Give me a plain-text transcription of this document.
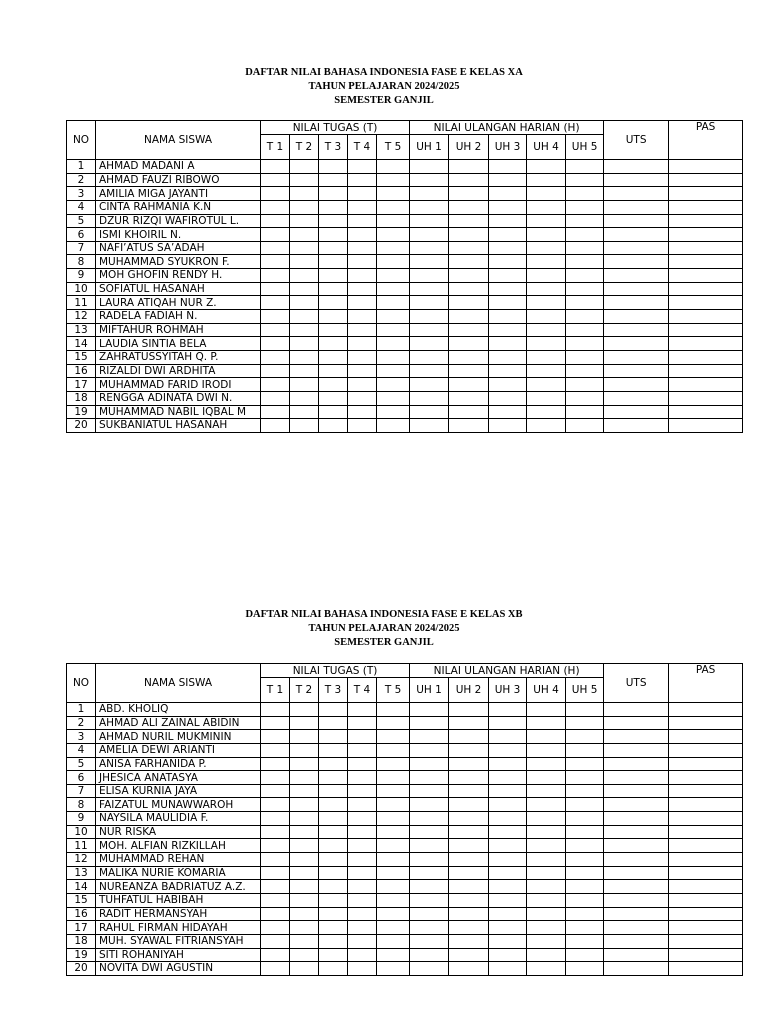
DAFTAR NILAI BAHASA INDONESIA FASE E KELAS XA
TAHUN PELAJARAN 2024/2025
SEMESTER GANJIL
NO	NAMA SISWA	NILAI TUGAS (T)					NILAI ULANGAN HARIAN (H)					UTS	PAS
		T 1	T 2	T 3	T 4	T 5	UH 1	UH 2	UH 3	UH 4	UH 5		
1	AHMAD MADANI A												
2	AHMAD FAUZI RIBOWO												
3	AMILIA MIGA JAYANTI												
4	CINTA RAHMANIA K.N												
5	DZUR RIZQI WAFIROTUL L.												
6	ISMI KHOIRIL N.												
7	NAFI’ATUS SA’ADAH												
8	MUHAMMAD SYUKRON F.												
9	MOH GHOFIN RENDY H.												
10	SOFIATUL HASANAH												
11	LAURA ATIQAH NUR Z.												
12	RADELA FADIAH N.												
13	MIFTAHUR ROHMAH												
14	LAUDIA SINTIA BELA												
15	ZAHRATUSSYITAH Q. P.												
16	RIZALDI DWI ARDHITA												
17	MUHAMMAD FARID IRODI												
18	RENGGA ADINATA DWI N.												
19	MUHAMMAD NABIL IQBAL M												
20	SUKBANIATUL HASANAH												
DAFTAR NILAI BAHASA INDONESIA FASE E KELAS XB
TAHUN PELAJARAN 2024/2025
SEMESTER GANJIL
NO	NAMA SISWA	NILAI TUGAS (T)					NILAI ULANGAN HARIAN (H)					UTS	PAS
		T 1	T 2	T 3	T 4	T 5	UH 1	UH 2	UH 3	UH 4	UH 5		
1	ABD. KHOLIQ												
2	AHMAD ALI ZAINAL ABIDIN												
3	AHMAD NURIL MUKMININ												
4	AMELIA DEWI ARIANTI												
5	ANISA FARHANIDA P.												
6	JHESICA ANATASYA												
7	ELISA KURNIA JAYA												
8	FAIZATUL MUNAWWAROH												
9	NAYSILA MAULIDIA F.												
10	NUR RISKA												
11	MOH. ALFIAN RIZKILLAH												
12	MUHAMMAD REHAN												
13	MALIKA NURIE KOMARIA												
14	NUREANZA BADRIATUZ A.Z.												
15	TUHFATUL HABIBAH												
16	RADIT HERMANSYAH												
17	RAHUL FIRMAN HIDAYAH												
18	MUH. SYAWAL FITRIANSYAH												
19	SITI ROHANIYAH												
20	NOVITA DWI AGUSTIN												
